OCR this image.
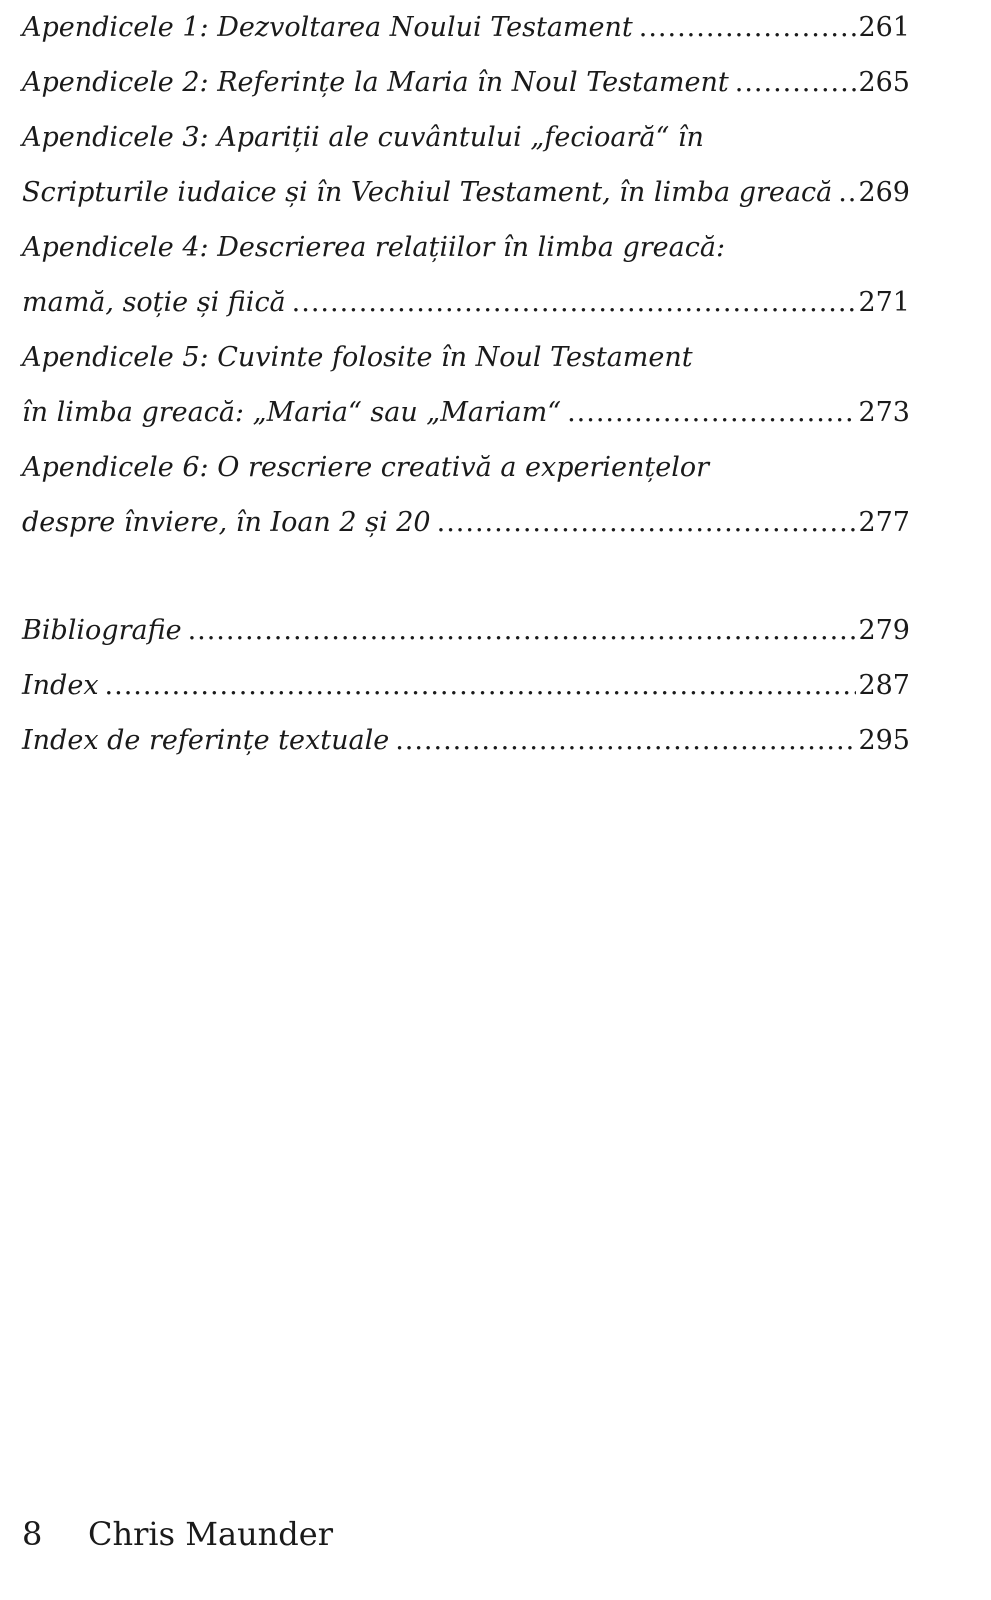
Apendicele 1: Dezvoltarea Noului Testament .....	261
Apendicele 2: Referințe la Maria în Noul Testament .....	265
Apendicele 3: Apariții ale cuvântului „fecioară“ în
Scripturile iudaice și în Vechiul Testament, în limba greacă ..... 269
Apendicele 4: Descrierea relațiilor în limba greacă:
mamă, soție și fiică .....	271
Apendicele 5: Cuvinte folosite în Noul Testament
în limba greacă: „Maria“ sau „Mariam“ .....	273
Apendicele 6: O rescriere creativă a experiențelor
despre înviere, în Ioan 2 și 20 .....	277
Bibliografie .....	279
Index .....	287
Index de referințe textuale .....	295
8	Chris Maunder
